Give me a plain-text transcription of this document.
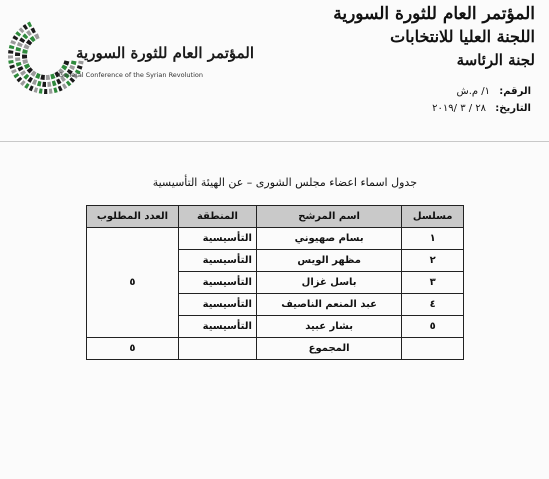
المؤتمر العام للثورة السورية
General Conference of the Syrian Revolution
المؤتمر العام للثورة السورية
اللجنة العليا للانتخابات
لجنة الرئاسة
الرقم: ١/ م.ش
التاريخ: ٢٨ / ٣ /٢٠١٩
جدول اسماء اعضاء مجلس الشورى – عن الهيئة التأسيسية
مسلسل	اسم المرشح	المنطقة	العدد المطلوب
١	بسام صهيوني	التأسيسية	٥
٢	مظهر الويس	التأسيسية	
٣	باسل غزال	التأسيسية	
٤	عبد المنعم الناصيف	التأسيسية	
٥	بشار عبيد	التأسيسية	
	المجموع		٥
